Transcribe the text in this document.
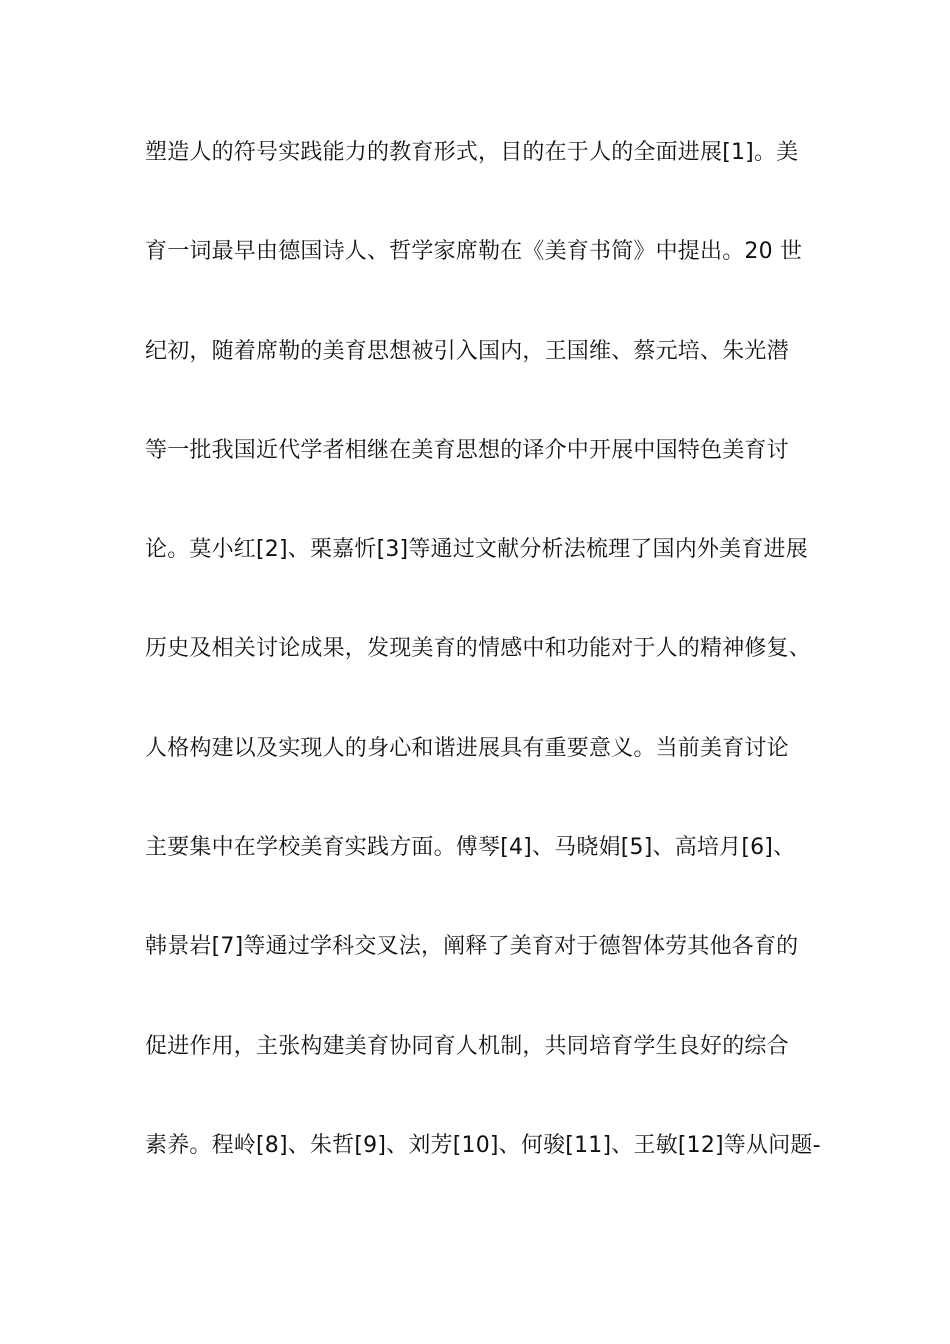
塑造人的符号实践能力的教育形式，目的在于人的全面进展[1]。美
育一词最早由德国诗人、哲学家席勒在《美育书简》中提出。20 世
纪初，随着席勒的美育思想被引入国内，王国维、蔡元培、朱光潜
等一批我国近代学者相继在美育思想的译介中开展中国特色美育讨
论。莫小红[2]、栗嘉忻[3]等通过文献分析法梳理了国内外美育进展
历史及相关讨论成果，发现美育的情感中和功能对于人的精神修复、
人格构建以及实现人的身心和谐进展具有重要意义。当前美育讨论
主要集中在学校美育实践方面。傅琴[4]、马晓娟[5]、高培月[6]、
韩景岩[7]等通过学科交叉法，阐释了美育对于德智体劳其他各育的
促进作用，主张构建美育协同育人机制，共同培育学生良好的综合
素养。程岭[8]、朱哲[9]、刘芳[10]、何骏[11]、王敏[12]等从问题-
